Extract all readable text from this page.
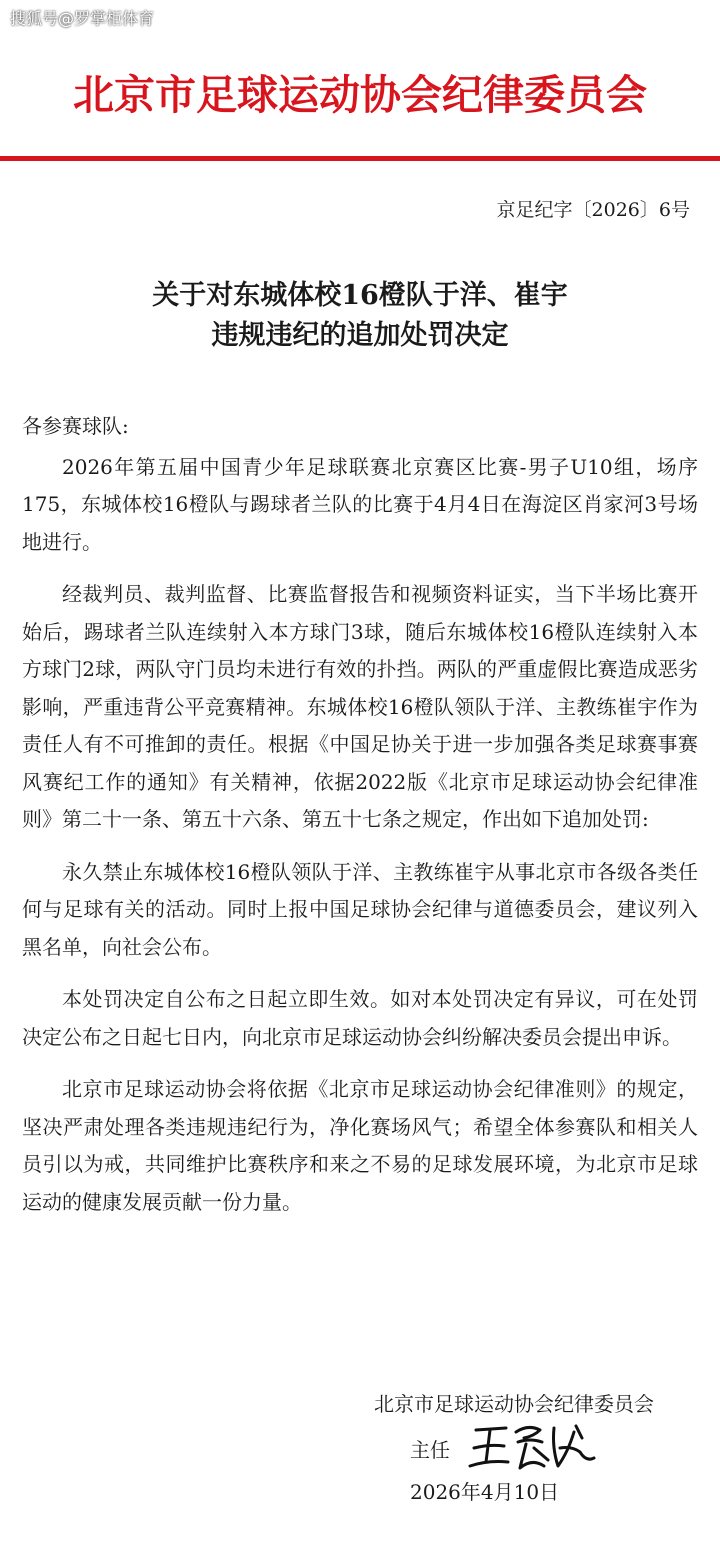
搜狐号@罗掌柜体育
北京市足球运动协会纪律委员会
京足纪字〔2026〕6号
关于对东城体校16橙队于洋、崔宇
违规违纪的追加处罚决定

各参赛球队:

2026年第五届中国青少年足球联赛北京赛区比赛-男子U10组，场序175，东城体校16橙队与踢球者兰队的比赛于4月4日在海淀区肖家河3号场地进行。

经裁判员、裁判监督、比赛监督报告和视频资料证实，当下半场比赛开始后，踢球者兰队连续射入本方球门3球，随后东城体校16橙队连续射入本方球门2球，两队守门员均未进行有效的扑挡。两队的严重虚假比赛造成恶劣影响，严重违背公平竞赛精神。东城体校16橙队领队于洋、主教练崔宇作为责任人有不可推卸的责任。根据《中国足协关于进一步加强各类足球赛事赛风赛纪工作的通知》有关精神，依据2022版《北京市足球运动协会纪律准则》第二十一条、第五十六条、第五十七条之规定，作出如下追加处罚:

永久禁止东城体校16橙队领队于洋、主教练崔宇从事北京市各级各类任何与足球有关的活动。同时上报中国足球协会纪律与道德委员会，建议列入黑名单，向社会公布。

本处罚决定自公布之日起立即生效。如对本处罚决定有异议，可在处罚决定公布之日起七日内，向北京市足球运动协会纠纷解决委员会提出申诉。

北京市足球运动协会将依据《北京市足球运动协会纪律准则》的规定，坚决严肃处理各类违规违纪行为，净化赛场风气；希望全体参赛队和相关人员引以为戒，共同维护比赛秩序和来之不易的足球发展环境，为北京市足球运动的健康发展贡献一份力量。

北京市足球运动协会纪律委员会
主任
2026年4月10日
